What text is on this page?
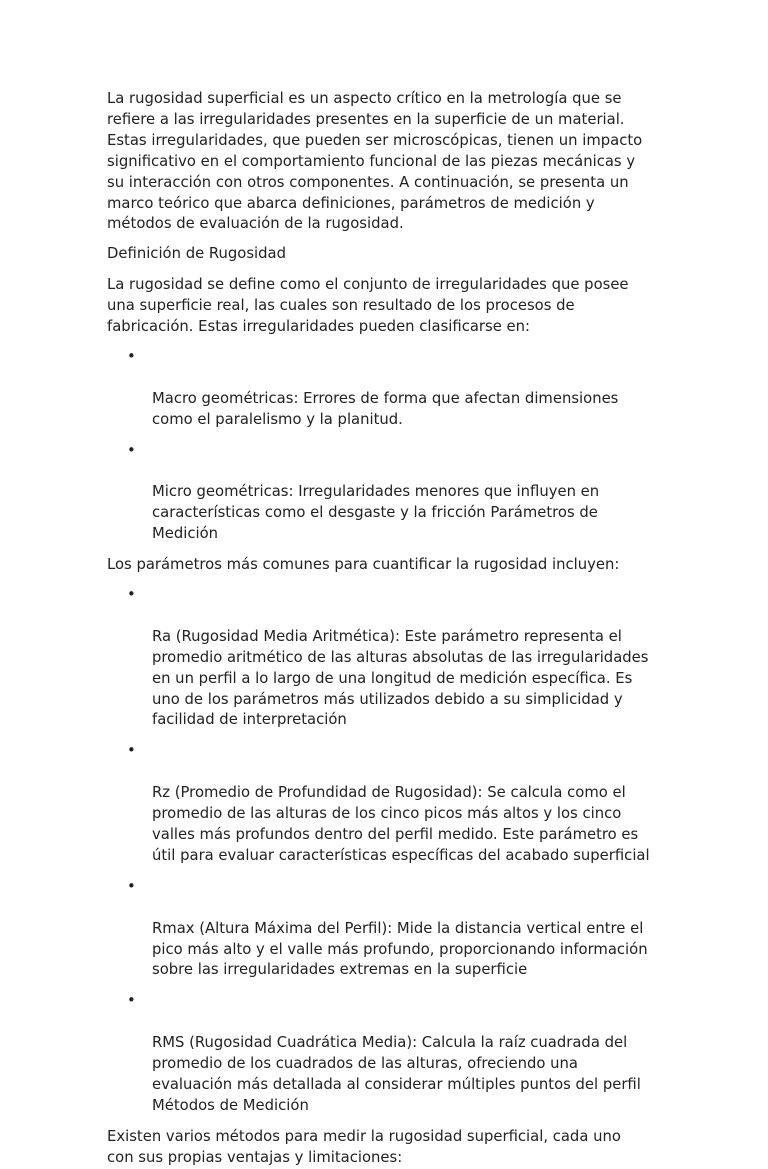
La rugosidad superficial es un aspecto crítico en la metrología que se
refiere a las irregularidades presentes en la superficie de un material.
Estas irregularidades, que pueden ser microscópicas, tienen un impacto
significativo en el comportamiento funcional de las piezas mecánicas y
su interacción con otros componentes. A continuación, se presenta un
marco teórico que abarca definiciones, parámetros de medición y
métodos de evaluación de la rugosidad.

Definición de Rugosidad

La rugosidad se define como el conjunto de irregularidades que posee
una superficie real, las cuales son resultado de los procesos de
fabricación. Estas irregularidades pueden clasificarse en:

•

Macro geométricas: Errores de forma que afectan dimensiones
como el paralelismo y la planitud.

•

Micro geométricas: Irregularidades menores que influyen en
características como el desgaste y la fricción Parámetros de
Medición

Los parámetros más comunes para cuantificar la rugosidad incluyen:

•

Ra (Rugosidad Media Aritmética): Este parámetro representa el
promedio aritmético de las alturas absolutas de las irregularidades
en un perfil a lo largo de una longitud de medición específica. Es
uno de los parámetros más utilizados debido a su simplicidad y
facilidad de interpretación

•

Rz (Promedio de Profundidad de Rugosidad): Se calcula como el
promedio de las alturas de los cinco picos más altos y los cinco
valles más profundos dentro del perfil medido. Este parámetro es
útil para evaluar características específicas del acabado superficial

•

Rmax (Altura Máxima del Perfil): Mide la distancia vertical entre el
pico más alto y el valle más profundo, proporcionando información
sobre las irregularidades extremas en la superficie

•

RMS (Rugosidad Cuadrática Media): Calcula la raíz cuadrada del
promedio de los cuadrados de las alturas, ofreciendo una
evaluación más detallada al considerar múltiples puntos del perfil
Métodos de Medición

Existen varios métodos para medir la rugosidad superficial, cada uno
con sus propias ventajas y limitaciones:
